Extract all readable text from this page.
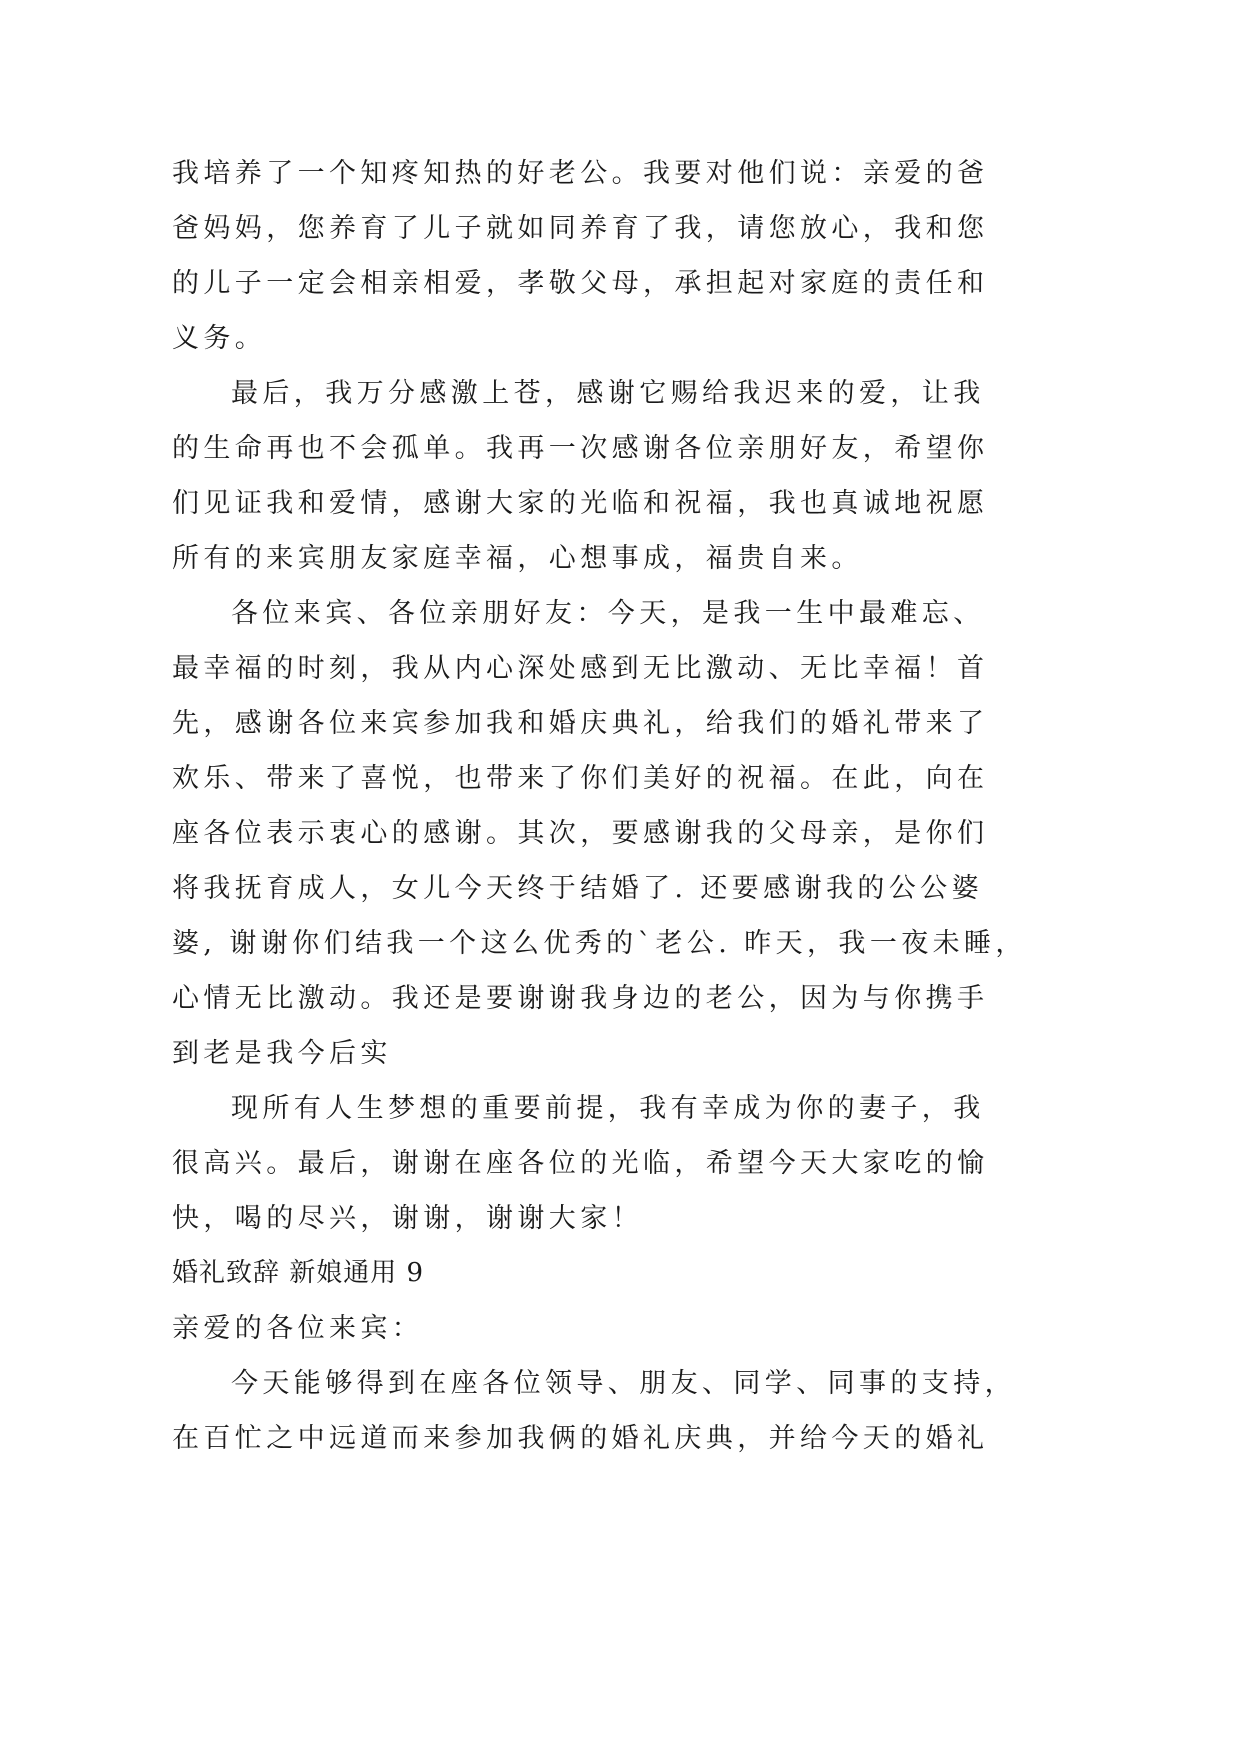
我培养了一个知疼知热的好老公。我要对他们说：亲爱的爸
爸妈妈，您养育了儿子就如同养育了我，请您放心，我和您
的儿子一定会相亲相爱，孝敬父母，承担起对家庭的责任和
义务。
最后，我万分感激上苍，感谢它赐给我迟来的爱，让我
的生命再也不会孤单。我再一次感谢各位亲朋好友，希望你
们见证我和爱情，感谢大家的光临和祝福，我也真诚地祝愿
所有的来宾朋友家庭幸福，心想事成，福贵自来。
各位来宾、各位亲朋好友：今天，是我一生中最难忘、
最幸福的时刻，我从内心深处感到无比激动、无比幸福！首
先，感谢各位来宾参加我和婚庆典礼，给我们的婚礼带来了
欢乐、带来了喜悦，也带来了你们美好的祝福。在此，向在
座各位表示衷心的感谢。其次，要感谢我的父母亲，是你们
将我抚育成人，女儿今天终于结婚了. 还要感谢我的公公婆
婆, 谢谢你们结我一个这么优秀的`老公. 昨天，我一夜未睡，
心情无比激动。我还是要谢谢我身边的老公，因为与你携手
到老是我今后实
现所有人生梦想的重要前提，我有幸成为你的妻子，我
很高兴。最后，谢谢在座各位的光临，希望今天大家吃的愉
快，喝的尽兴，谢谢，谢谢大家！
婚礼致辞 新娘通用 9
亲爱的各位来宾：
今天能够得到在座各位领导、朋友、同学、同事的支持，
在百忙之中远道而来参加我俩的婚礼庆典，并给今天的婚礼
